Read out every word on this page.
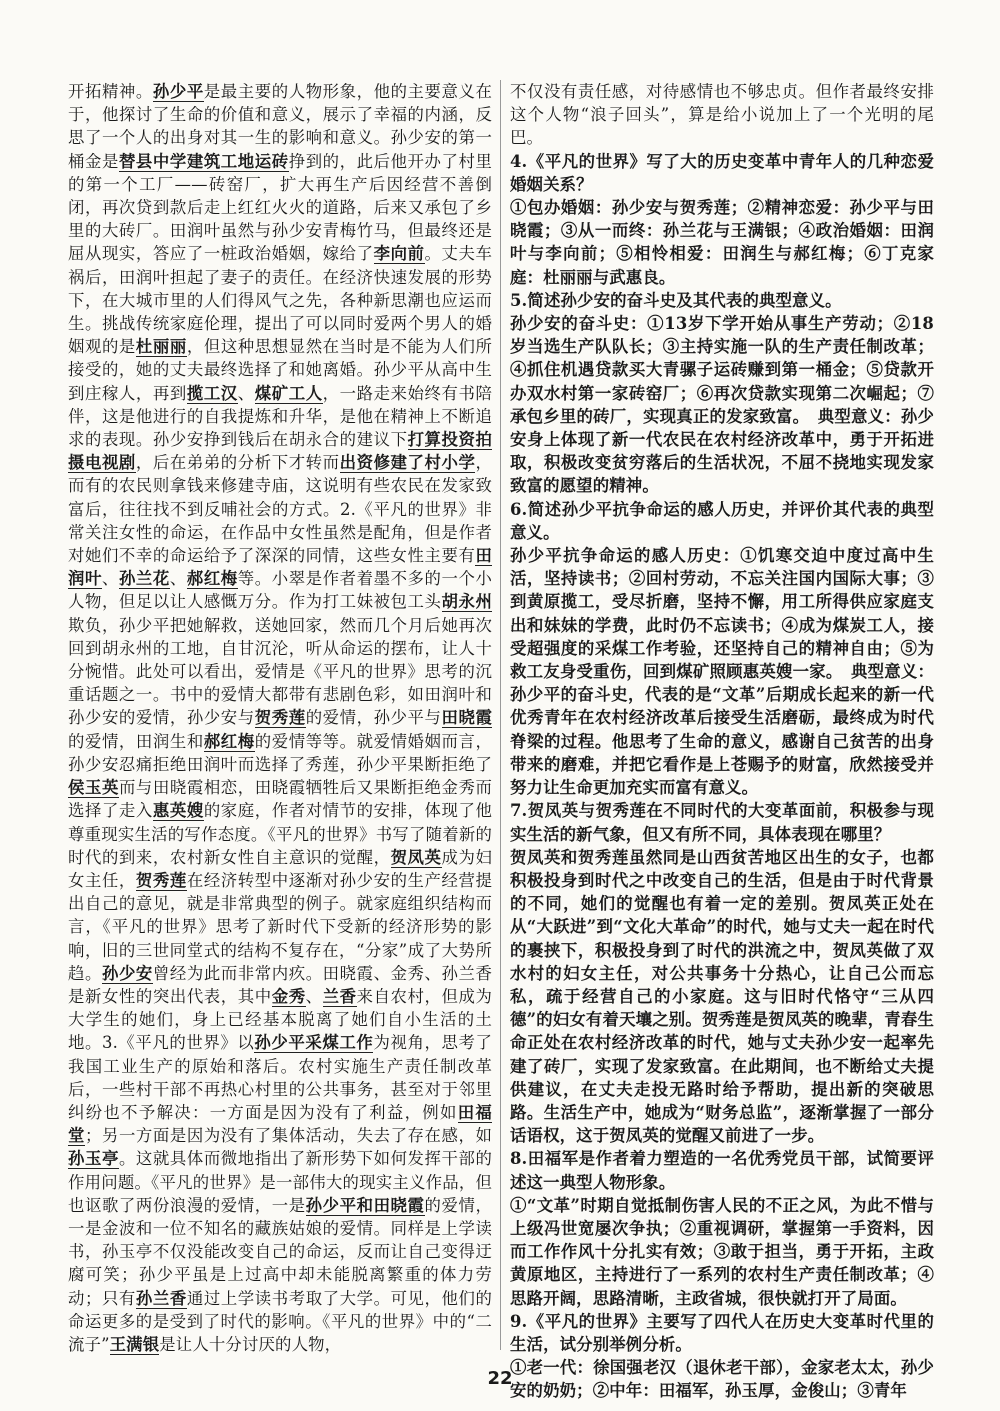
开拓精神。孙少平是最主要的人物形象，他的主要意义在于，他探讨了生命的价值和意义，展示了幸福的内涵，反思了一个人的出身对其一生的影响和意义。孙少安的第一桶金是替县中学建筑工地运砖挣到的，此后他开办了村里的第一个工厂——砖窑厂，扩大再生产后因经营不善倒闭，再次贷到款后走上红红火火的道路，后来又承包了乡里的大砖厂。田润叶虽然与孙少安青梅竹马，但最终还是屈从现实，答应了一桩政治婚姻，嫁给了李向前。丈夫车祸后，田润叶担起了妻子的责任。在经济快速发展的形势下，在大城市里的人们得风气之先，各种新思潮也应运而生。挑战传统家庭伦理，提出了可以同时爱两个男人的婚姻观的是杜丽丽，但这种思想显然在当时是不能为人们所接受的，她的丈夫最终选择了和她离婚。孙少平从高中生到庄稼人，再到揽工汉、煤矿工人，一路走来始终有书陪伴，这是他进行的自我提炼和升华，是他在精神上不断追求的表现。孙少安挣到钱后在胡永合的建议下打算投资拍摄电视剧，后在弟弟的分析下才转而出资修建了村小学，而有的农民则拿钱来修建寺庙，这说明有些农民在发家致富后，往往找不到反哺社会的方式。2.《平凡的世界》非常关注女性的命运，在作品中女性虽然是配角，但是作者对她们不幸的命运给予了深深的同情，这些女性主要有田润叶、孙兰花、郝红梅等。小翠是作者着墨不多的一个小人物，但足以让人感慨万分。作为打工妹被包工头胡永州欺负，孙少平把她解救，送她回家，然而几个月后她再次回到胡永州的工地，自甘沉沦，听从命运的摆布，让人十分惋惜。此处可以看出，爱情是《平凡的世界》思考的沉重话题之一。书中的爱情大都带有悲剧色彩，如田润叶和孙少安的爱情，孙少安与贺秀莲的爱情，孙少平与田晓霞的爱情，田润生和郝红梅的爱情等等。就爱情婚姻而言，孙少安忍痛拒绝田润叶而选择了秀莲，孙少平果断拒绝了侯玉英而与田晓霞相恋，田晓霞牺牲后又果断拒绝金秀而选择了走入惠英嫂的家庭，作者对情节的安排，体现了他尊重现实生活的写作态度。《平凡的世界》书写了随着新的时代的到来，农村新女性自主意识的觉醒，贺凤英成为妇女主任，贺秀莲在经济转型中逐渐对孙少安的生产经营提出自己的意见，就是非常典型的例子。就家庭组织结构而言，《平凡的世界》思考了新时代下受新的经济形势的影响，旧的三世同堂式的结构不复存在，“分家”成了大势所趋。孙少安曾经为此而非常内疚。田晓霞、金秀、孙兰香是新女性的突出代表，其中金秀、兰香来自农村，但成为大学生的她们，身上已经基本脱离了她们自小生活的土地。3.《平凡的世界》以孙少平采煤工作为视角，思考了我国工业生产的原始和落后。农村实施生产责任制改革后，一些村干部不再热心村里的公共事务，甚至对于邻里纠纷也不予解决：一方面是因为没有了利益，例如田福堂；另一方面是因为没有了集体活动，失去了存在感，如孙玉亭。这就具体而微地指出了新形势下如何发挥干部的作用问题。《平凡的世界》是一部伟大的现实主义作品，但也讴歌了两份浪漫的爱情，一是孙少平和田晓霞的爱情，一是金波和一位不知名的藏族姑娘的爱情。同样是上学读书，孙玉亭不仅没能改变自己的命运，反而让自己变得迂腐可笑；孙少平虽是上过高中却未能脱离繁重的体力劳动；只有孙兰香通过上学读书考取了大学。可见，他们的命运更多的是受到了时代的影响。《平凡的世界》中的“二流子”王满银是让人十分讨厌的人物，

不仅没有责任感，对待感情也不够忠贞。但作者最终安排这个人物“浪子回头”，算是给小说加上了一个光明的尾巴。

4.《平凡的世界》写了大的历史变革中青年人的几种恋爱婚姻关系？

①包办婚姻：孙少安与贺秀莲；②精神恋爱：孙少平与田晓霞；③从一而终：孙兰花与王满银；④政治婚姻：田润叶与李向前；⑤相怜相爱：田润生与郝红梅；⑥丁克家庭：杜丽丽与武惠良。

5.简述孙少安的奋斗史及其代表的典型意义。

孙少安的奋斗史：①13岁下学开始从事生产劳动；②18岁当选生产队队长；③主持实施一队的生产责任制改革；④抓住机遇贷款买大青骡子运砖赚到第一桶金；⑤贷款开办双水村第一家砖窑厂；⑥再次贷款实现第二次崛起；⑦承包乡里的砖厂，实现真正的发家致富。　典型意义：孙少安身上体现了新一代农民在农村经济改革中，勇于开拓进取，积极改变贫穷落后的生活状况，不屈不挠地实现发家致富的愿望的精神。

6.简述孙少平抗争命运的感人历史，并评价其代表的典型意义。

孙少平抗争命运的感人历史：①饥寒交迫中度过高中生活，坚持读书；②回村劳动，不忘关注国内国际大事；③到黄原揽工，受尽折磨，坚持不懈，用工所得供应家庭支出和妹妹的学费，此时仍不忘读书；④成为煤炭工人，接受超强度的采煤工作考验，还坚持自己的精神自由；⑤为救工友身受重伤，回到煤矿照顾惠英嫂一家。　典型意义：孙少平的奋斗史，代表的是“文革”后期成长起来的新一代优秀青年在农村经济改革后接受生活磨砺，最终成为时代脊梁的过程。他思考了生命的意义，感谢自己贫苦的出身带来的磨难，并把它看作是上苍赐予的财富，欣然接受并努力让生命更加充实而富有意义。

7.贺凤英与贺秀莲在不同时代的大变革面前，积极参与现实生活的新气象，但又有所不同，具体表现在哪里？

贺凤英和贺秀莲虽然同是山西贫苦地区出生的女子，也都积极投身到时代之中改变自己的生活，但是由于时代背景的不同，她们的觉醒也有着一定的差别。贺凤英正处在从“大跃进”到“文化大革命”的时代，她与丈夫一起在时代的裹挟下，积极投身到了时代的洪流之中，贺凤英做了双水村的妇女主任，对公共事务十分热心，让自己公而忘私，疏于经营自己的小家庭。这与旧时代恪守“三从四德”的妇女有着天壤之别。贺秀莲是贺凤英的晚辈，青春生命正处在农村经济改革的时代，她与丈夫孙少安一起率先建了砖厂，实现了发家致富。在此期间，也不断给丈夫提供建议，在丈夫走投无路时给予帮助，提出新的突破思路。生活生产中，她成为“财务总监”，逐渐掌握了一部分话语权，这于贺凤英的觉醒又前进了一步。

8.田福军是作者着力塑造的一名优秀党员干部，试简要评述这一典型人物形象。

①“文革”时期自觉抵制伤害人民的不正之风，为此不惜与上级冯世宽屡次争执；②重视调研，掌握第一手资料，因而工作作风十分扎实有效；③敢于担当，勇于开拓，主政黄原地区，主持进行了一系列的农村生产责任制改革；④思路开阔，思路清晰，主政省城，很快就打开了局面。

9.《平凡的世界》主要写了四代人在历史大变革时代里的生活，试分别举例分析。

①老一代：徐国强老汉（退休老干部），金家老太太，孙少安的奶奶；②中年：田福军，孙玉厚，金俊山；③青年

22
